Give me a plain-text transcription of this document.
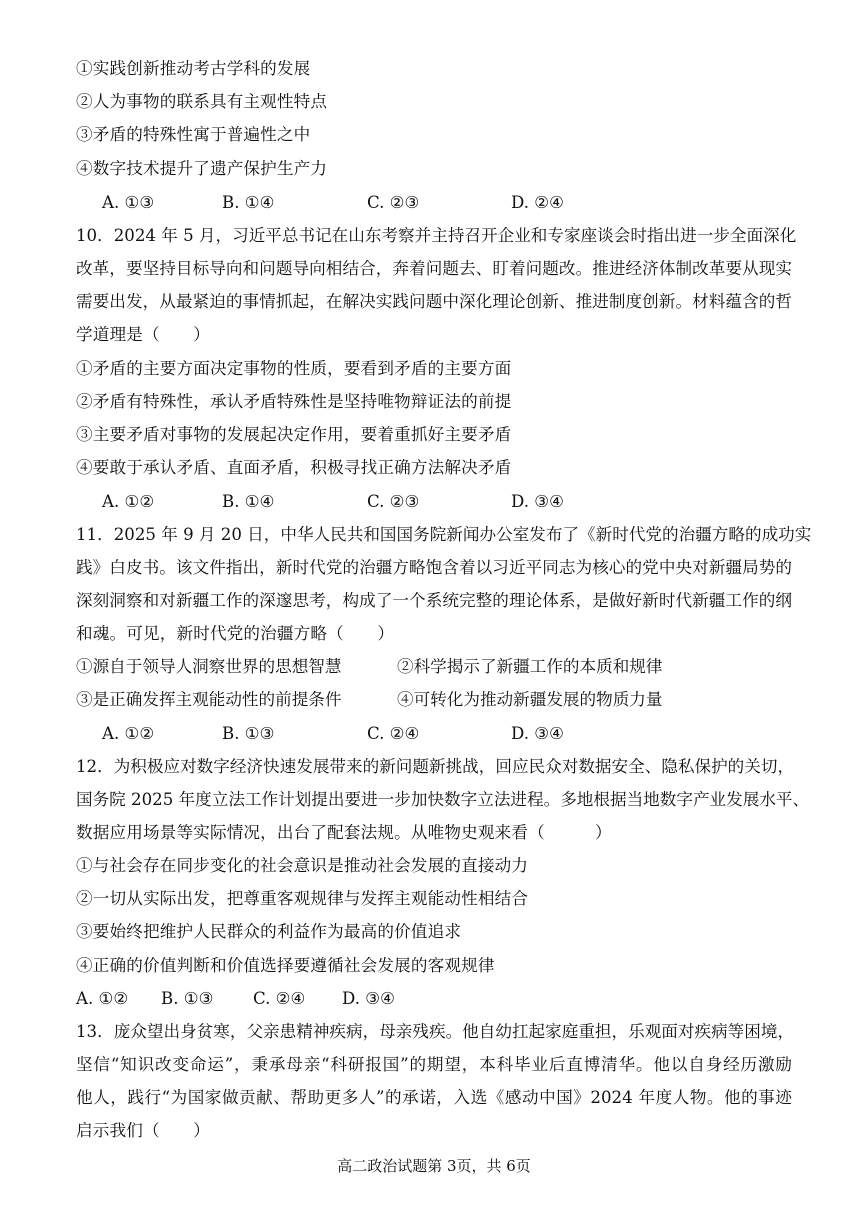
①实践创新推动考古学科的发展
②人为事物的联系具有主观性特点
③矛盾的特殊性寓于普遍性之中
④数字技术提升了遗产保护生产力
A. ①③	B. ①④	C. ②③	D. ②④
10．2024 年 5 月，习近平总书记在山东考察并主持召开企业和专家座谈会时指出进一步全面深化
改革，要坚持目标导向和问题导向相结合，奔着问题去、盯着问题改。推进经济体制改革要从现实
需要出发，从最紧迫的事情抓起，在解决实践问题中深化理论创新、推进制度创新。材料蕴含的哲
学道理是（　　）
①矛盾的主要方面决定事物的性质，要看到矛盾的主要方面
②矛盾有特殊性，承认矛盾特殊性是坚持唯物辩证法的前提
③主要矛盾对事物的发展起决定作用，要着重抓好主要矛盾
④要敢于承认矛盾、直面矛盾，积极寻找正确方法解决矛盾
A. ①②	B. ①④	C. ②③	D. ③④
11．2025 年 9 月 20 日，中华人民共和国国务院新闻办公室发布了《新时代党的治疆方略的成功实
践》白皮书。该文件指出，新时代党的治疆方略饱含着以习近平同志为核心的党中央对新疆局势的
深刻洞察和对新疆工作的深邃思考，构成了一个系统完整的理论体系，是做好新时代新疆工作的纲
和魂。可见，新时代党的治疆方略（　　）
①源自于领导人洞察世界的思想智慧	②科学揭示了新疆工作的本质和规律
③是正确发挥主观能动性的前提条件	④可转化为推动新疆发展的物质力量
A. ①②	B. ①③	C. ②④	D. ③④
12．为积极应对数字经济快速发展带来的新问题新挑战，回应民众对数据安全、隐私保护的关切，
国务院 2025 年度立法工作计划提出要进一步加快数字立法进程。多地根据当地数字产业发展水平、
数据应用场景等实际情况，出台了配套法规。从唯物史观来看（　　　）
①与社会存在同步变化的社会意识是推动社会发展的直接动力
②一切从实际出发，把尊重客观规律与发挥主观能动性相结合
③要始终把维护人民群众的利益作为最高的价值追求
④正确的价值判断和价值选择要遵循社会发展的客观规律
A. ①② B. ①③ C. ②④ D. ③④
13．庞众望出身贫寒，父亲患精神疾病，母亲残疾。他自幼扛起家庭重担，乐观面对疾病等困境，
坚信“知识改变命运”，秉承母亲“科研报国”的期望，本科毕业后直博清华。他以自身经历激励
他人，践行“为国家做贡献、帮助更多人”的承诺，入选《感动中国》2024 年度人物。他的事迹
启示我们（　　）
高二政治试题第 3页，共 6页
